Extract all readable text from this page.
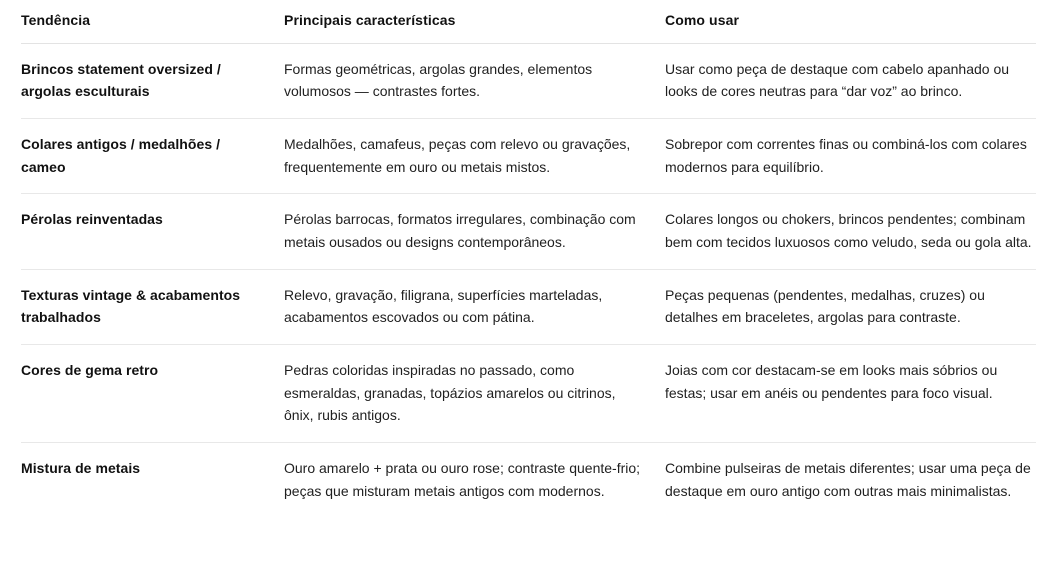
Tendência	Principais características	Como usar
Brincos statement oversized / argolas esculturais	Formas geométricas, argolas grandes, elementos volumosos — contrastes fortes.	Usar como peça de destaque com cabelo apanhado ou looks de cores neutras para “dar voz” ao brinco.
Colares antigos / medalhões / cameo	Medalhões, camafeus, peças com relevo ou gravações, frequentemente em ouro ou metais mistos.	Sobrepor com correntes finas ou combiná-los com colares modernos para equilíbrio.
Pérolas reinventadas	Pérolas barrocas, formatos irregulares, combinação com metais ousados ou designs contemporâneos.	Colares longos ou chokers, brincos pendentes; combinam bem com tecidos luxuosos como veludo, seda ou gola alta.
Texturas vintage & acabamentos trabalhados	Relevo, gravação, filigrana, superfícies marteladas, acabamentos escovados ou com pátina.	Peças pequenas (pendentes, medalhas, cruzes) ou detalhes em braceletes, argolas para contraste.
Cores de gema retro	Pedras coloridas inspiradas no passado, como esmeraldas, granadas, topázios amarelos ou citrinos, ônix, rubis antigos.	Joias com cor destacam-se em looks mais sóbrios ou festas; usar em anéis ou pendentes para foco visual.
Mistura de metais	Ouro amarelo + prata ou ouro rose; contraste quente-frio; peças que misturam metais antigos com modernos.	Combine pulseiras de metais diferentes; usar uma peça de destaque em ouro antigo com outras mais minimalistas.
